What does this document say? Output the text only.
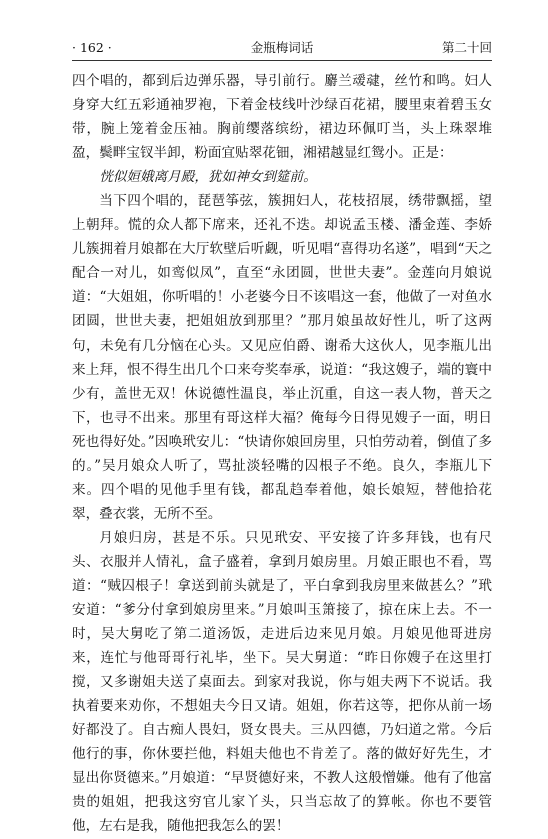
· 162 ·	金瓶梅词话	第二十回

四个唱的，都到后边弹乐器，导引前行。麝兰叆叇，丝竹和鸣。妇人身穿大红五彩通袖罗袍，下着金枝线叶沙绿百花裙，腰里束着碧玉女带，腕上笼着金压袖。胸前缨落缤纷，裙边环佩叮当，头上珠翠堆盈，鬓畔宝钗半卸，粉面宜贴翠花钿，湘裙越显红鸳小。正是：

恍似姮娥离月殿，犹如神女到筵前。

当下四个唱的，琵琶筝弦，簇拥妇人，花枝招展，绣带飘摇，望上朝拜。慌的众人都下席来，还礼不迭。却说孟玉楼、潘金莲、李娇儿簇拥着月娘都在大厅软壁后听觑，听见唱“喜得功名遂”，唱到“天之配合一对儿，如鸾似凤”，直至“永团圆，世世夫妻”。金莲向月娘说道：“大姐姐，你听唱的！小老婆今日不该唱这一套，他做了一对鱼水团圆，世世夫妻，把姐姐放到那里？”那月娘虽故好性儿，听了这两句，未免有几分恼在心头。又见应伯爵、谢希大这伙人，见李瓶儿出来上拜，恨不得生出几个口来夸奖奉承，说道：“我这嫂子，端的寰中少有，盖世无双！休说德性温良，举止沉重，自这一表人物，普天之下，也寻不出来。那里有哥这样大福？俺每今日得见嫂子一面，明日死也得好处。”因唤玳安儿：“快请你娘回房里，只怕劳动着，倒值了多的。”吴月娘众人听了，骂扯淡轻嘴的囚根子不绝。良久，李瓶儿下来。四个唱的见他手里有钱，都乱趋奉着他，娘长娘短，替他拾花翠，叠衣裳，无所不至。

月娘归房，甚是不乐。只见玳安、平安接了许多拜钱，也有尺头、衣服并人情礼，盒子盛着，拿到月娘房里。月娘正眼也不看，骂道：“贼囚根子！拿送到前头就是了，平白拿到我房里来做甚么？”玳安道：“爹分付拿到娘房里来。”月娘叫玉箫接了，掠在床上去。不一时，吴大舅吃了第二道汤饭，走进后边来见月娘。月娘见他哥进房来，连忙与他哥哥行礼毕，坐下。吴大舅道：“昨日你嫂子在这里打搅，又多谢姐夫送了桌面去。到家对我说，你与姐夫两下不说话。我执着要来劝你，不想姐夫今日又请。姐姐，你若这等，把你从前一场好都没了。自古痴人畏妇，贤女畏夫。三从四德，乃妇道之常。今后他行的事，你休要拦他，料姐夫他也不肯差了。落的做好好先生，才显出你贤德来。”月娘道：“早贤德好来，不教人这般憎嫌。他有了他富贵的姐姐，把我这穷官儿家丫头，只当忘故了的算帐。你也不要管他，左右是我，随他把我怎么的罢！
